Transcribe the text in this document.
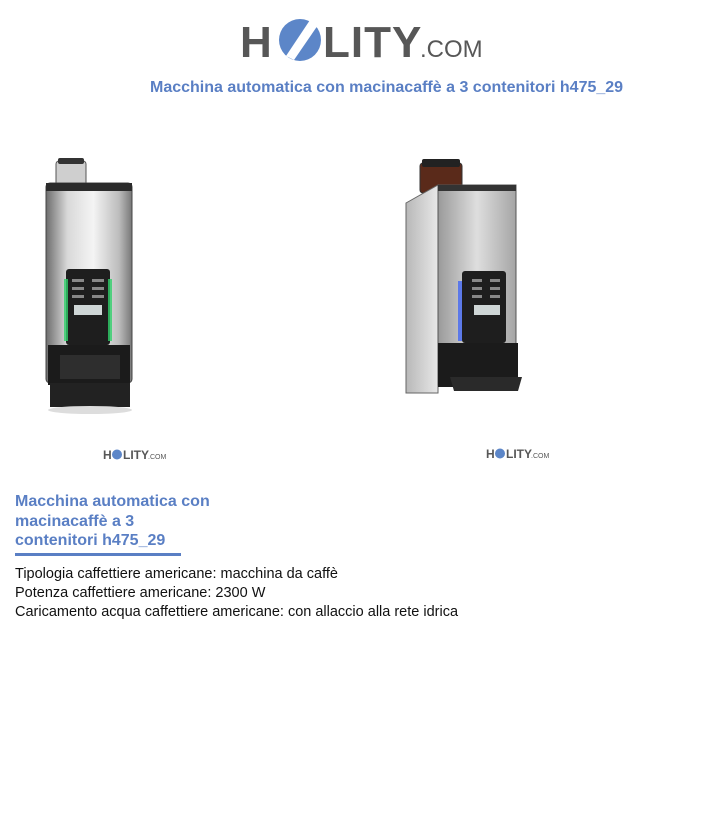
H LITY
.COM
Macchina automatica con macinacaffè a 3 contenitori h475_29
H LITY .COM	H LITY .COM
Macchina automatica con
macinacaffè a 3
contenitori h475_29
Tipologia caffettiere americane: macchina da caffè
Potenza caffettiere americane: 2300 W
Caricamento acqua caffettiere americane: con allaccio alla rete idrica
